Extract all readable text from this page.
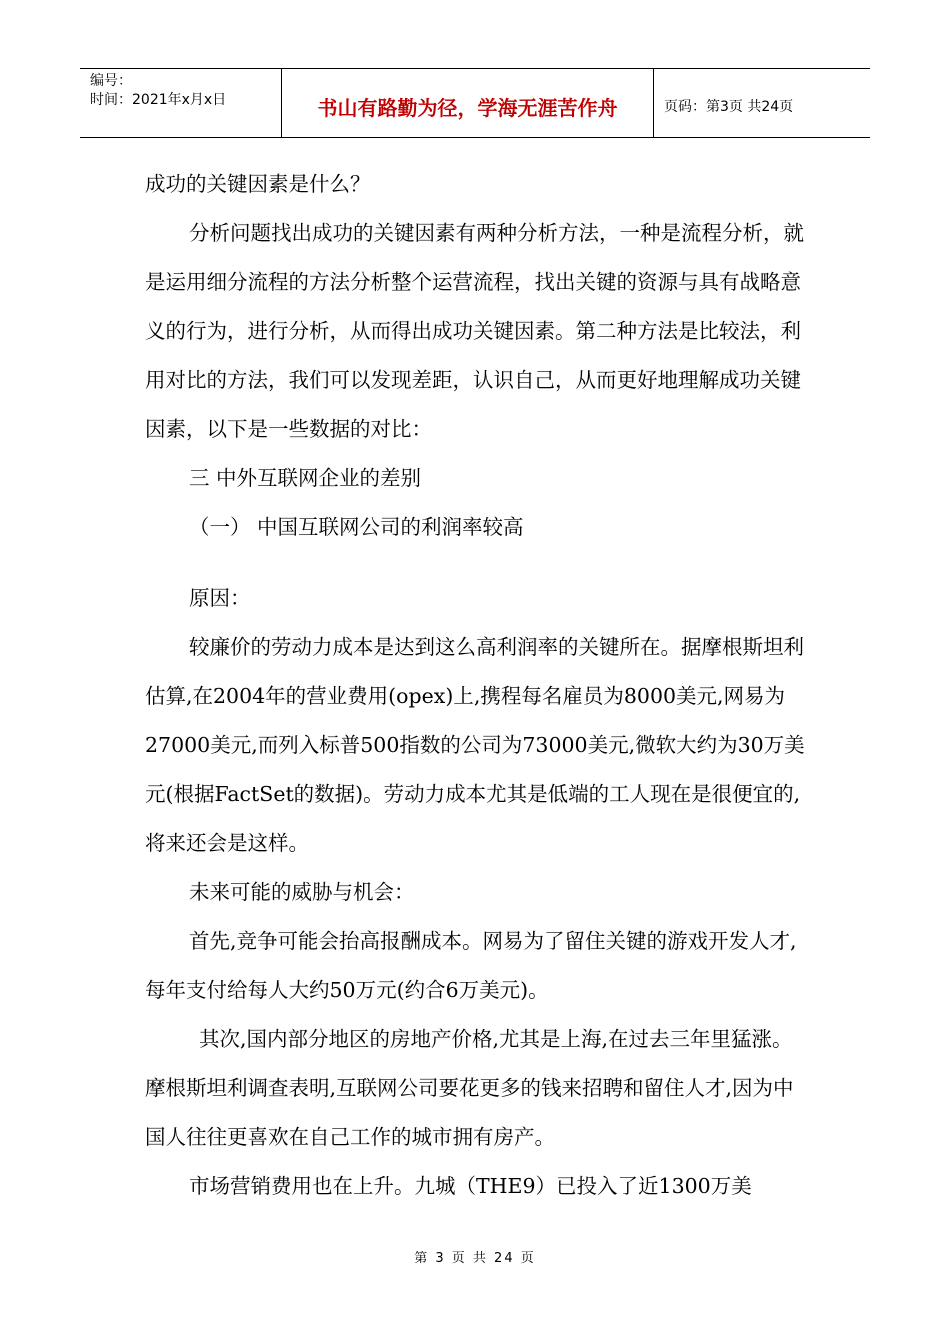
编号：
时间：2021年x月x日	书山有路勤为径，学海无涯苦作舟	页码：第3页 共24页

成功的关键因素是什么？

分析问题找出成功的关键因素有两种分析方法，一种是流程分析，就是运用细分流程的方法分析整个运营流程，找出关键的资源与具有战略意义的行为，进行分析，从而得出成功关键因素。第二种方法是比较法，利用对比的方法，我们可以发现差距，认识自己，从而更好地理解成功关键因素，以下是一些数据的对比：

三 中外互联网企业的差别

（一） 中国互联网公司的利润率较高

原因：

较廉价的劳动力成本是达到这么高利润率的关键所在。据摩根斯坦利估算,在2004年的营业费用(opex)上,携程每名雇员为8000美元,网易为27000美元,而列入标普500指数的公司为73000美元,微软大约为30万美元(根据FactSet的数据)。劳动力成本尤其是低端的工人现在是很便宜的,将来还会是这样。

未来可能的威胁与机会：

首先,竞争可能会抬高报酬成本。网易为了留住关键的游戏开发人才,每年支付给每人大约50万元(约合6万美元)。

其次,国内部分地区的房地产价格,尤其是上海,在过去三年里猛涨。摩根斯坦利调查表明,互联网公司要花更多的钱来招聘和留住人才,因为中国人往往更喜欢在自己工作的城市拥有房产。

市场营销费用也在上升。九城（THE9）已投入了近1300万美

第 3 页 共 24 页
